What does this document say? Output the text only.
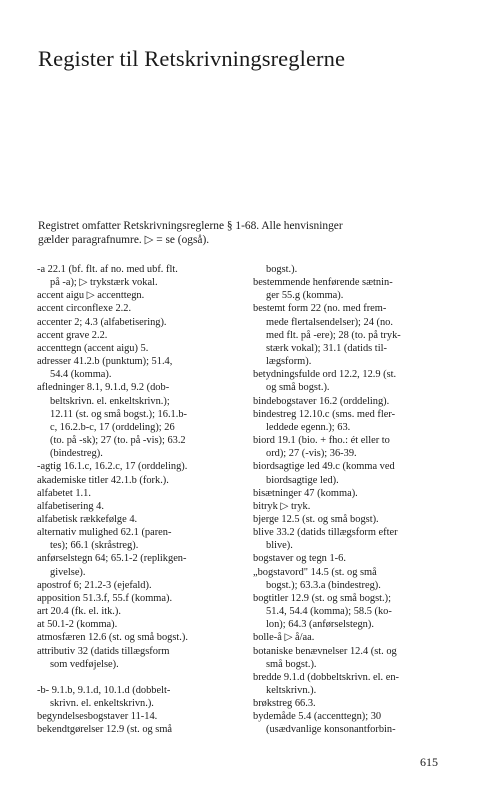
Register til Retskrivningsreglerne
Registret omfatter Retskrivningsreglerne § 1-68. Alle henvisninger
gælder paragrafnumre. ▷ = se (også).
-a 22.1 (bf. flt. af no. med ubf. flt.
på -a); ▷ trykstærk vokal.
accent aigu ▷ accenttegn.
accent circonflexe 2.2.
accenter 2; 4.3 (alfabetisering).
accent grave 2.2.
accenttegn (accent aigu) 5.
adresser 41.2.b (punktum); 51.4,
54.4 (komma).
afledninger 8.1, 9.1.d, 9.2 (dob-
beltskrivn. el. enkeltskrivn.);
12.11 (st. og små bogst.); 16.1.b-
c, 16.2.b-c, 17 (orddeling); 26
(to. på -sk); 27 (to. på -vis); 63.2
(bindestreg).
-agtig 16.1.c, 16.2.c, 17 (orddeling).
akademiske titler 42.1.b (fork.).
alfabetet 1.1.
alfabetisering 4.
alfabetisk rækkefølge 4.
alternativ mulighed 62.1 (paren-
tes); 66.1 (skråstreg).
anførselstegn 64; 65.1-2 (replikgen-
givelse).
apostrof 6; 21.2-3 (ejefald).
apposition 51.3.f, 55.f (komma).
art 20.4 (fk. el. itk.).
at 50.1-2 (komma).
atmosfæren 12.6 (st. og små bogst.).
attributiv 32 (datids tillægsform
som vedføjelse).
-b- 9.1.b, 9.1.d, 10.1.d (dobbelt-
skrivn. el. enkeltskrivn.).
begyndelsesbogstaver 11-14.
bekendtgørelser 12.9 (st. og små
bogst.).
bestemmende henførende sætnin-
ger 55.g (komma).
bestemt form 22 (no. med frem-
mede flertalsendelser); 24 (no.
med flt. på -ere); 28 (to. på tryk-
stærk vokal); 31.1 (datids til-
lægsform).
betydningsfulde ord 12.2, 12.9 (st.
og små bogst.).
bindebogstaver 16.2 (orddeling).
bindestreg 12.10.c (sms. med fler-
leddede egenn.); 63.
biord 19.1 (bio. + fho.: ét eller to
ord); 27 (-vis); 36-39.
biordsagtige led 49.c (komma ved
biordsagtige led).
bisætninger 47 (komma).
bitryk ▷ tryk.
bjerge 12.5 (st. og små bogst).
blive 33.2 (datids tillægsform efter
blive).
bogstaver og tegn 1-6.
„bogstavord" 14.5 (st. og små
bogst.); 63.3.a (bindestreg).
bogtitler 12.9 (st. og små bogst.);
51.4, 54.4 (komma); 58.5 (ko-
lon); 64.3 (anførselstegn).
bolle-å ▷ å/aa.
botaniske benævnelser 12.4 (st. og
små bogst.).
bredde 9.1.d (dobbeltskrivn. el. en-
keltskrivn.).
brøkstreg 66.3.
bydemåde 5.4 (accenttegn); 30
(usædvanlige konsonantforbin-
615
